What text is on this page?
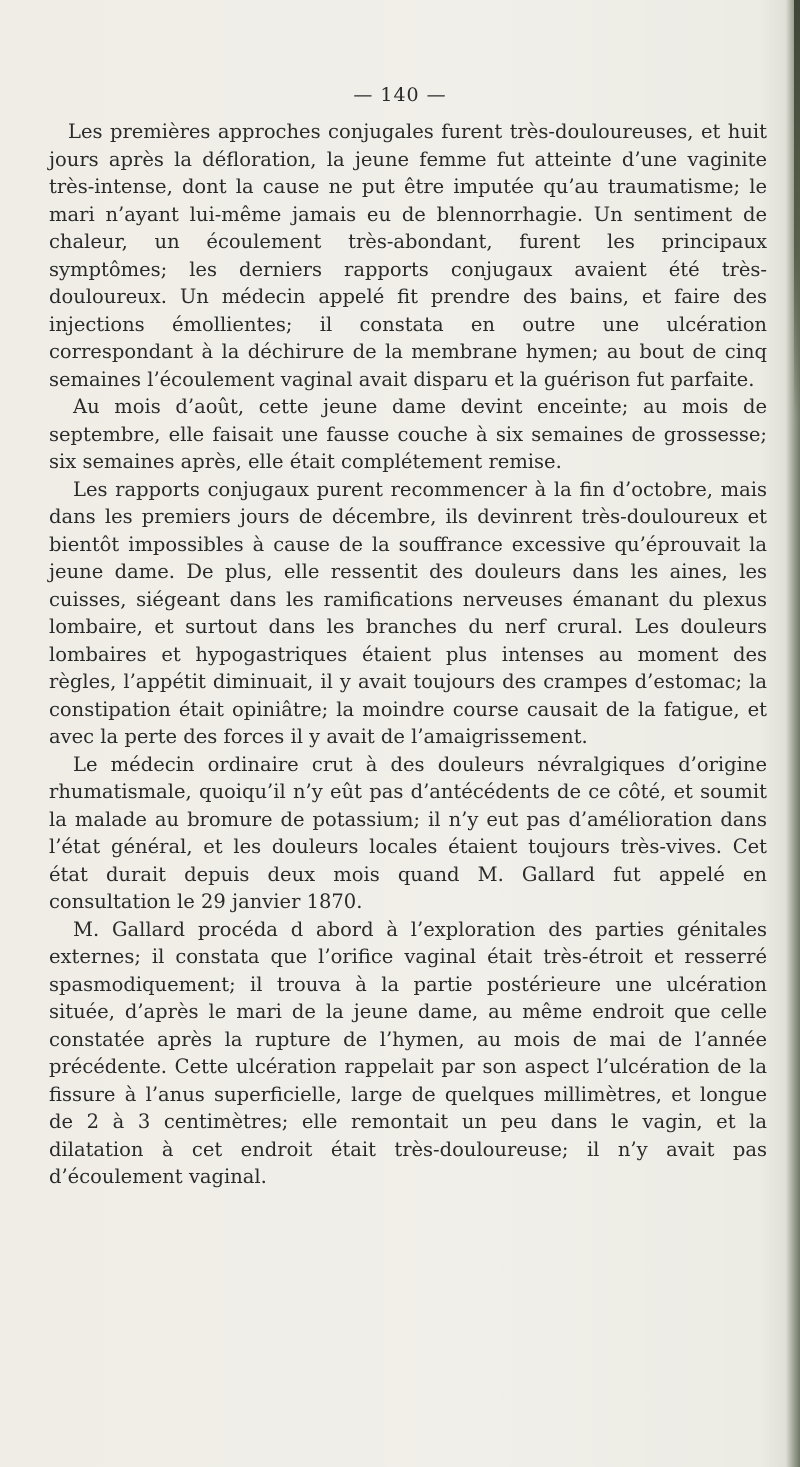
— 140 —

Les premières approches conjugales furent très-douloureuses, et huit jours après la défloration, la jeune femme fut atteinte d’une vaginite très-intense, dont la cause ne put être imputée qu’au traumatisme; le mari n’ayant lui-même jamais eu de blennorrhagie. Un sentiment de chaleur, un écoulement très-abondant, furent les principaux symptômes; les derniers rapports conjugaux avaient été très-douloureux. Un médecin appelé fit prendre des bains, et faire des injections émollientes; il constata en outre une ulcération correspondant à la déchirure de la membrane hymen; au bout de cinq semaines l’écoulement vaginal avait disparu et la guérison fut parfaite.

Au mois d’août, cette jeune dame devint enceinte; au mois de septembre, elle faisait une fausse couche à six semaines de grossesse; six semaines après, elle était complétement remise.

Les rapports conjugaux purent recommencer à la fin d’octobre, mais dans les premiers jours de décembre, ils devinrent très-douloureux et bientôt impossibles à cause de la souffrance excessive qu’éprouvait la jeune dame. De plus, elle ressentit des douleurs dans les aines, les cuisses, siégeant dans les ramifications nerveuses émanant du plexus lombaire, et surtout dans les branches du nerf crural. Les douleurs lombaires et hypogastriques étaient plus intenses au moment des règles, l’appétit diminuait, il y avait toujours des crampes d’estomac; la constipation était opiniâtre; la moindre course causait de la fatigue, et avec la perte des forces il y avait de l’amaigrissement.

Le médecin ordinaire crut à des douleurs névralgiques d’origine rhumatismale, quoiqu’il n’y eût pas d’antécédents de ce côté, et soumit la malade au bromure de potassium; il n’y eut pas d’amélioration dans l’état général, et les douleurs locales étaient toujours très-vives. Cet état durait depuis deux mois quand M. Gallard fut appelé en consultation le 29 janvier 1870.

M. Gallard procéda d abord à l’exploration des parties génitales externes; il constata que l’orifice vaginal était très-étroit et resserré spasmodiquement; il trouva à la partie postérieure une ulcération située, d’après le mari de la jeune dame, au même endroit que celle constatée après la rupture de l’hymen, au mois de mai de l’année précédente. Cette ulcération rappelait par son aspect l’ulcération de la fissure à l’anus superficielle, large de quelques millimètres, et longue de 2 à 3 centimètres; elle remontait un peu dans le vagin, et la dilatation à cet endroit était très-douloureuse; il n’y avait pas d’écoulement vaginal.
